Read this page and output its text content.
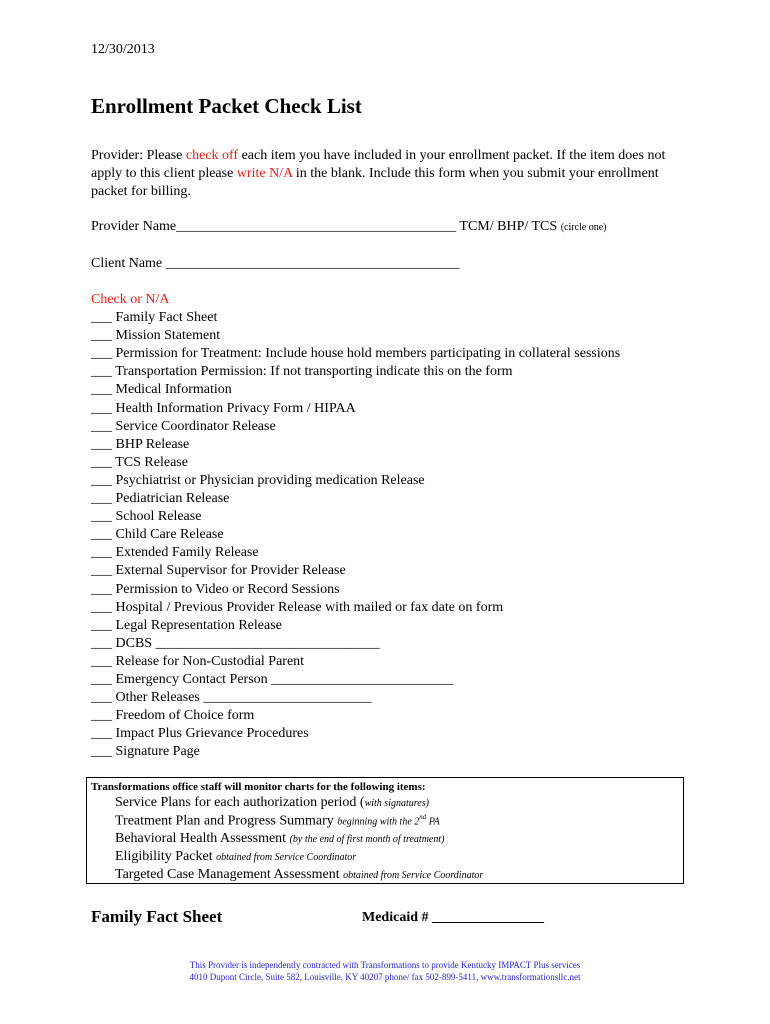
12/30/2013
Enrollment Packet Check List
Provider: Please check off each item you have included in your enrollment packet. If the item does not apply to this client please write N/A in the blank. Include this form when you submit your enrollment packet for billing.
Provider Name________________________________________ TCM/ BHP/ TCS (circle one)
Client Name __________________________________________
Check or N/A
___ Family Fact Sheet
___ Mission Statement
___ Permission for Treatment: Include house hold members participating in collateral sessions
___ Transportation Permission: If not transporting indicate this on the form
___ Medical Information
___ Health Information Privacy Form / HIPAA
___ Service Coordinator Release
___ BHP Release
___ TCS Release
___ Psychiatrist or Physician providing medication Release
___ Pediatrician Release
___ School Release
___ Child Care Release
___ Extended Family Release
___ External Supervisor for Provider Release
___ Permission to Video or Record Sessions
___ Hospital / Previous Provider Release with mailed or fax date on form
___ Legal Representation Release
___ DCBS ________________________________
___ Release for Non-Custodial Parent
___ Emergency Contact Person __________________________
___ Other Releases ________________________
___ Freedom of Choice form
___ Impact Plus Grievance Procedures
___ Signature Page
Transformations office staff will monitor charts for the following items:
Service Plans for each authorization period (with signatures)
Treatment Plan and Progress Summary beginning with the 2nd PA
Behavioral Health Assessment (by the end of first month of treatment)
Eligibility Packet obtained from Service Coordinator
Targeted Case Management Assessment obtained from Service Coordinator
Family Fact Sheet	Medicaid # ________________
This Provider is independently contracted with Transformations to provide Kentucky IMPACT Plus services
4010 Dupont Circle, Suite 582, Louisville, KY 40207 phone/ fax 502-899-5411, www.transformationsllc.net
